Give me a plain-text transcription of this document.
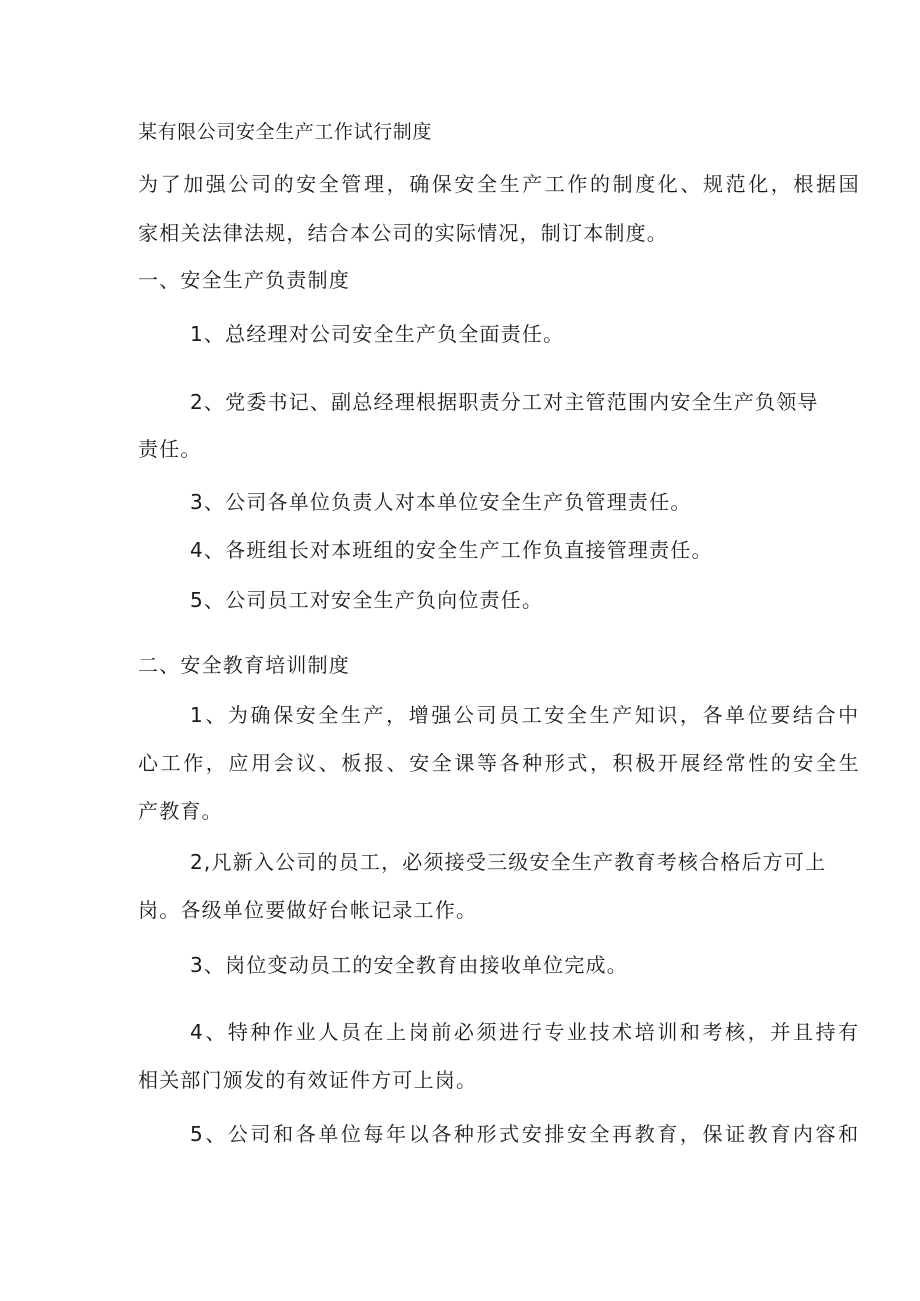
某有限公司安全生产工作试行制度
为了加强公司的安全管理，确保安全生产工作的制度化、规范化，根据国
家相关法律法规，结合本公司的实际情况，制订本制度。
一、安全生产负责制度
1、总经理对公司安全生产负全面责任。
2、党委书记、副总经理根据职责分工对主管范围内安全生产负领导
责任。
3、公司各单位负责人对本单位安全生产负管理责任。
4、各班组长对本班组的安全生产工作负直接管理责任。
5、公司员工对安全生产负向位责任。
二、安全教育培训制度
1、为确保安全生产，增强公司员工安全生产知识，各单位要结合中
心工作，应用会议、板报、安全课等各种形式，积极开展经常性的安全生
产教育。
2,凡新入公司的员工，必须接受三级安全生产教育考核合格后方可上
岗。各级单位要做好台帐记录工作。
3、岗位变动员工的安全教育由接收单位完成。
4、特种作业人员在上岗前必须进行专业技术培训和考核，并且持有
相关部门颁发的有效证件方可上岗。
5、公司和各单位每年以各种形式安排安全再教育，保证教育内容和
